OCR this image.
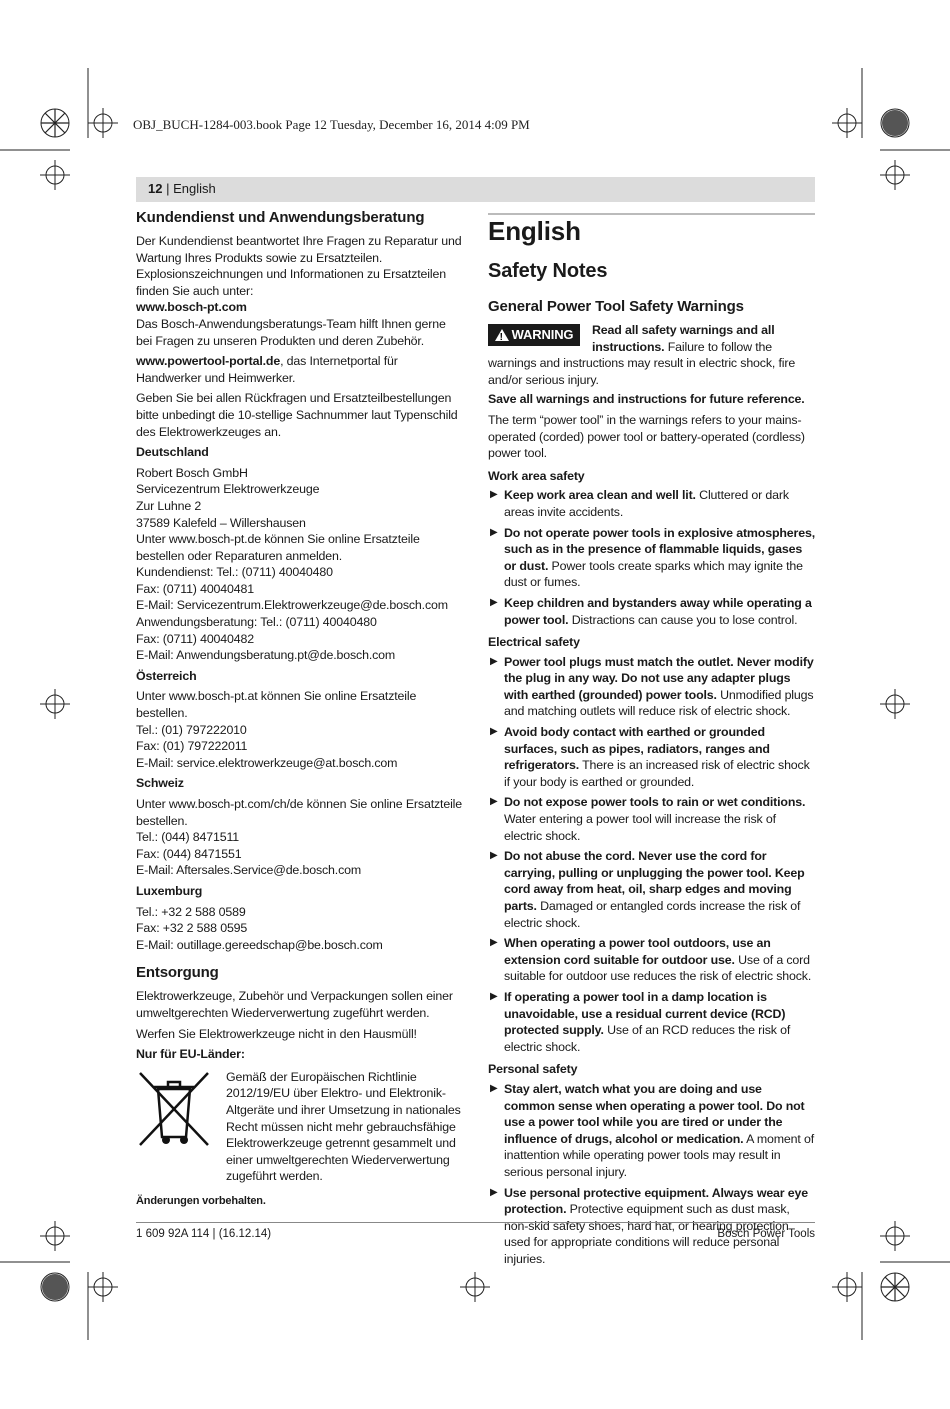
OBJ_BUCH-1284-003.book Page 12 Tuesday, December 16, 2014 4:09 PM
12 | English
Kundendienst und Anwendungsberatung

Der Kundendienst beantwortet Ihre Fragen zu Reparatur und Wartung Ihres Produkts sowie zu Ersatzteilen. Explosionszeichnungen und Informationen zu Ersatzteilen finden Sie auch unter:
www.bosch-pt.com
Das Bosch-Anwendungsberatungs-Team hilft Ihnen gerne bei Fragen zu unseren Produkten und deren Zubehör.

www.powertool-portal.de, das Internetportal für Handwerker und Heimwerker.

Geben Sie bei allen Rückfragen und Ersatzteilbestellungen bitte unbedingt die 10-stellige Sachnummer laut Typenschild des Elektrowerkzeuges an.

Deutschland

Robert Bosch GmbH
Servicezentrum Elektrowerkzeuge
Zur Luhne 2
37589 Kalefeld – Willershausen
Unter www.bosch-pt.de können Sie online Ersatzteile bestellen oder Reparaturen anmelden.
Kundendienst: Tel.: (0711) 40040480
Fax: (0711) 40040481
E-Mail: Servicezentrum.Elektrowerkzeuge@de.bosch.com
Anwendungsberatung: Tel.: (0711) 40040480
Fax: (0711) 40040482
E-Mail: Anwendungsberatung.pt@de.bosch.com

Österreich

Unter www.bosch-pt.at können Sie online Ersatzteile bestellen.
Tel.: (01) 797222010
Fax: (01) 797222011
E-Mail: service.elektrowerkzeuge@at.bosch.com

Schweiz

Unter www.bosch-pt.com/ch/de können Sie online Ersatzteile bestellen.
Tel.: (044) 8471511
Fax: (044) 8471551
E-Mail: Aftersales.Service@de.bosch.com

Luxemburg

Tel.: +32 2 588 0589
Fax: +32 2 588 0595
E-Mail: outillage.gereedschap@be.bosch.com

Entsorgung

Elektrowerkzeuge, Zubehör und Verpackungen sollen einer umweltgerechten Wiederverwertung zugeführt werden.

Werfen Sie Elektrowerkzeuge nicht in den Hausmüll!

Nur für EU-Länder:

Gemäß der Europäischen Richtlinie 2012/19/EU über Elektro- und Elektronik-Altgeräte und ihrer Umsetzung in nationales Recht müssen nicht mehr gebrauchsfähige Elektrowerkzeuge getrennt gesammelt und einer umweltgerechten Wiederverwertung zugeführt werden.

Änderungen vorbehalten.

English
Safety Notes
General Power Tool Safety Warnings
! WARNING Read all safety warnings and all instructions. Failure to follow the warnings and instructions may result in electric shock, fire and/or serious injury.

Save all warnings and instructions for future reference.

The term “power tool” in the warnings refers to your mains-operated (corded) power tool or battery-operated (cordless) power tool.

Work area safety

▶ Keep work area clean and well lit. Cluttered or dark areas invite accidents.
▶ Do not operate power tools in explosive atmospheres, such as in the presence of flammable liquids, gases or dust. Power tools create sparks which may ignite the dust or fumes.
▶ Keep children and bystanders away while operating a power tool. Distractions can cause you to lose control.

Electrical safety

▶ Power tool plugs must match the outlet. Never modify the plug in any way. Do not use any adapter plugs with earthed (grounded) power tools. Unmodified plugs and matching outlets will reduce risk of electric shock.
▶ Avoid body contact with earthed or grounded surfaces, such as pipes, radiators, ranges and refrigerators. There is an increased risk of electric shock if your body is earthed or grounded.
▶ Do not expose power tools to rain or wet conditions. Water entering a power tool will increase the risk of electric shock.
▶ Do not abuse the cord. Never use the cord for carrying, pulling or unplugging the power tool. Keep cord away from heat, oil, sharp edges and moving parts. Damaged or entangled cords increase the risk of electric shock.
▶ When operating a power tool outdoors, use an extension cord suitable for outdoor use. Use of a cord suitable for outdoor use reduces the risk of electric shock.
▶ If operating a power tool in a damp location is unavoidable, use a residual current device (RCD) protected supply. Use of an RCD reduces the risk of electric shock.

Personal safety

▶ Stay alert, watch what you are doing and use common sense when operating a power tool. Do not use a power tool while you are tired or under the influence of drugs, alcohol or medication. A moment of inattention while operating power tools may result in serious personal injury.
▶ Use personal protective equipment. Always wear eye protection. Protective equipment such as dust mask, non-skid safety shoes, hard hat, or hearing protection used for appropriate conditions will reduce personal injuries.
1 609 92A 114 | (16.12.14)	Bosch Power Tools
